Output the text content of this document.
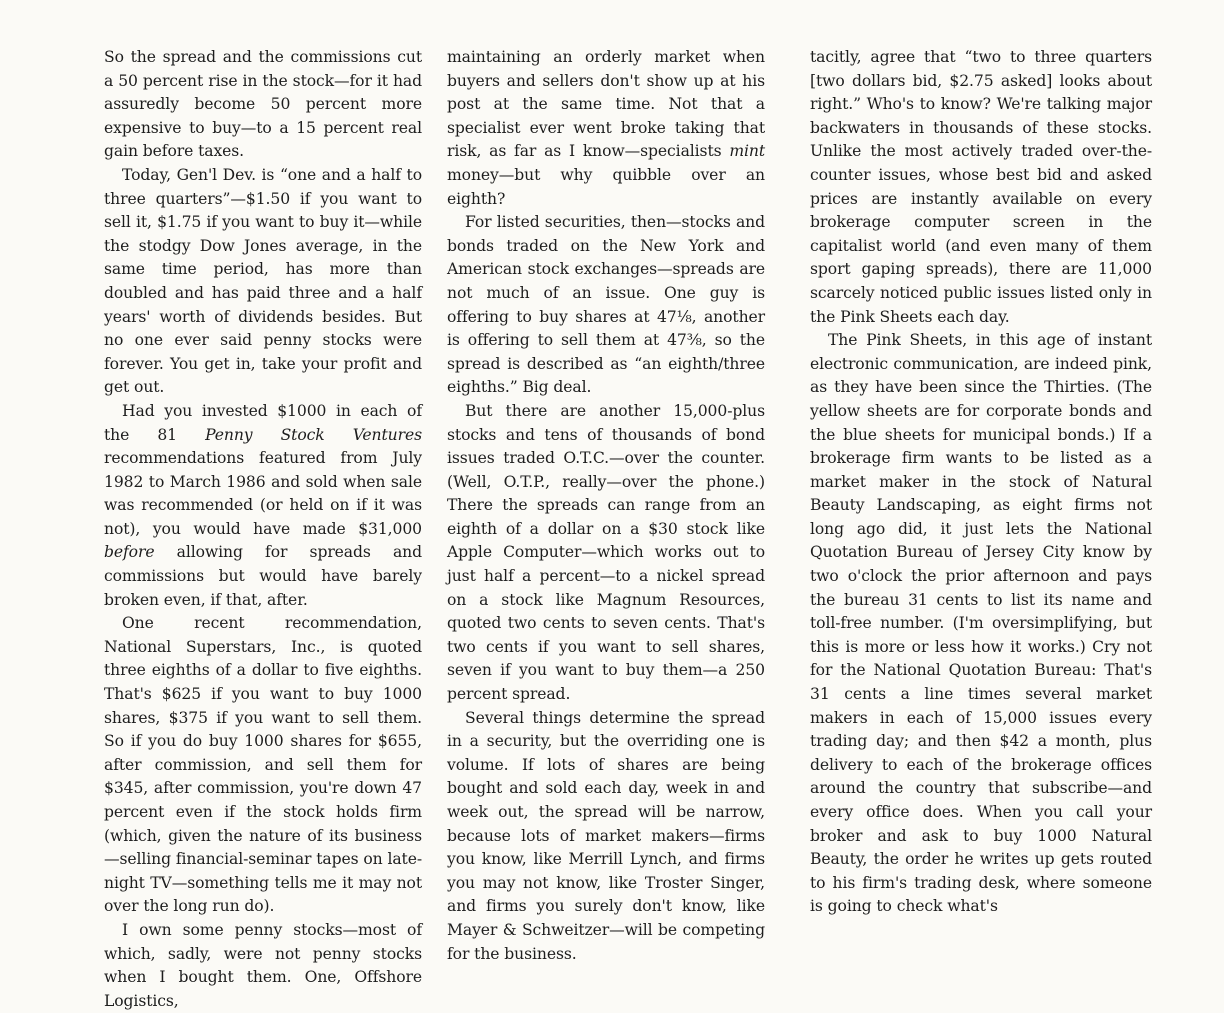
So the spread and the commissions cut a 50 percent rise in the stock—for it had assuredly become 50 percent more expensive to buy—to a 15 percent real gain before taxes.

Today, Gen'l Dev. is “one and a half to three quarters”—$1.50 if you want to sell it, $1.75 if you want to buy it—while the stodgy Dow Jones average, in the same time period, has more than doubled and has paid three and a half years' worth of dividends besides. But no one ever said penny stocks were forever. You get in, take your profit and get out.

Had you invested $1000 in each of the 81 Penny Stock Ventures recommendations featured from July 1982 to March 1986 and sold when sale was recommended (or held on if it was not), you would have made $31,000 before allowing for spreads and commissions but would have barely broken even, if that, after.

One recent recommendation, National Superstars, Inc., is quoted three eighths of a dollar to five eighths. That's $625 if you want to buy 1000 shares, $375 if you want to sell them. So if you do buy 1000 shares for $655, after commission, and sell them for $345, after commission, you're down 47 percent even if the stock holds firm (which, given the nature of its business—selling financial-seminar tapes on late-night TV—something tells me it may not over the long run do).

I own some penny stocks—most of which, sadly, were not penny stocks when I bought them. One, Offshore Logistics,

maintaining an orderly market when buyers and sellers don't show up at his post at the same time. Not that a specialist ever went broke taking that risk, as far as I know—specialists mint money—but why quibble over an eighth?

For listed securities, then—stocks and bonds traded on the New York and American stock exchanges—spreads are not much of an issue. One guy is offering to buy shares at 47⅛, another is offering to sell them at 47⅜, so the spread is described as “an eighth/three eighths.” Big deal.

But there are another 15,000-plus stocks and tens of thousands of bond issues traded O.T.C.—over the counter. (Well, O.T.P., really—over the phone.) There the spreads can range from an eighth of a dollar on a $30 stock like Apple Computer—which works out to just half a percent—to a nickel spread on a stock like Magnum Resources, quoted two cents to seven cents. That's two cents if you want to sell shares, seven if you want to buy them—a 250 percent spread.

Several things determine the spread in a security, but the overriding one is volume. If lots of shares are being bought and sold each day, week in and week out, the spread will be narrow, because lots of market makers—firms you know, like Merrill Lynch, and firms you may not know, like Troster Singer, and firms you surely don't know, like Mayer & Schweitzer—will be competing for the business.

tacitly, agree that “two to three quarters [two dollars bid, $2.75 asked] looks about right.” Who's to know? We're talking major backwaters in thousands of these stocks. Unlike the most actively traded over-the-counter issues, whose best bid and asked prices are instantly available on every brokerage computer screen in the capitalist world (and even many of them sport gaping spreads), there are 11,000 scarcely noticed public issues listed only in the Pink Sheets each day.

The Pink Sheets, in this age of instant electronic communication, are indeed pink, as they have been since the Thirties. (The yellow sheets are for corporate bonds and the blue sheets for municipal bonds.) If a brokerage firm wants to be listed as a market maker in the stock of Natural Beauty Landscaping, as eight firms not long ago did, it just lets the National Quotation Bureau of Jersey City know by two o'clock the prior afternoon and pays the bureau 31 cents to list its name and toll-free number. (I'm oversimplifying, but this is more or less how it works.) Cry not for the National Quotation Bureau: That's 31 cents a line times several market makers in each of 15,000 issues every trading day; and then $42 a month, plus delivery to each of the brokerage offices around the country that subscribe—and every office does. When you call your broker and ask to buy 1000 Natural Beauty, the order he writes up gets routed to his firm's trading desk, where someone is going to check what's
